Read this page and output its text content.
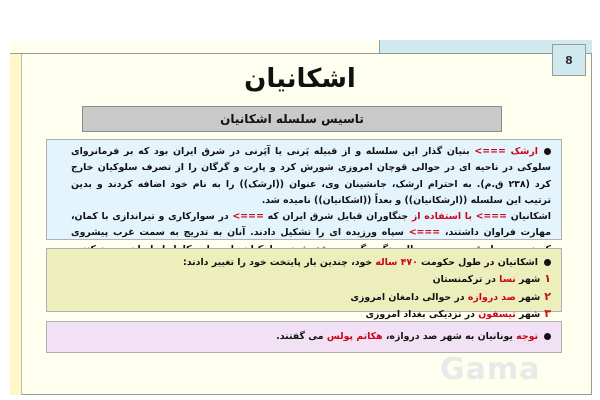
8
اشکانیان
تاسیس سلسله اشکانیان
ارشک ===> بنیان گذار این سلسله و از قبیله پَرنی یا آپَرنی در شرق ایران بود که بر فرمانروای سلوکی در ناحیه ای در حوالی قوچان امروزی شورش کرد و پارت و گرگان را از تصرف سلوکیان خارج کرد (۲۳۸ ق.م). به احترام ارشک، جانشینان وی، عنوان ((ارشک)) را به نام خود اضافه کردند و بدین ترتیب این سلسله ((ارشکانیان)) و بعداً ((اشکانیان)) نامیده شد.
اشکانیان ===> با استفاده از جنگاوران قبایل شرق ایران که ===> در سوارکاری و تیراندازی با کمان، مهارت فراوان داشتند، ===> سپاه ورزیده ای را تشکیل دادند. آنان به تدریج به سمت غرب پیشروی
اشکانیان در طول حکومت ۴۷۰ ساله خود، چندین بار پایتخت خود را تغییر دادند:
۱شهر نسا در ترکمنستان
۲شهر صد دروازه در حوالی دامغان امروزی
۳شهر تیسفون در نزدیکی بغداد امروزی
توجه یونانیان به شهر صد دروازه، هکاتم پولس می گفتند.
Gama
